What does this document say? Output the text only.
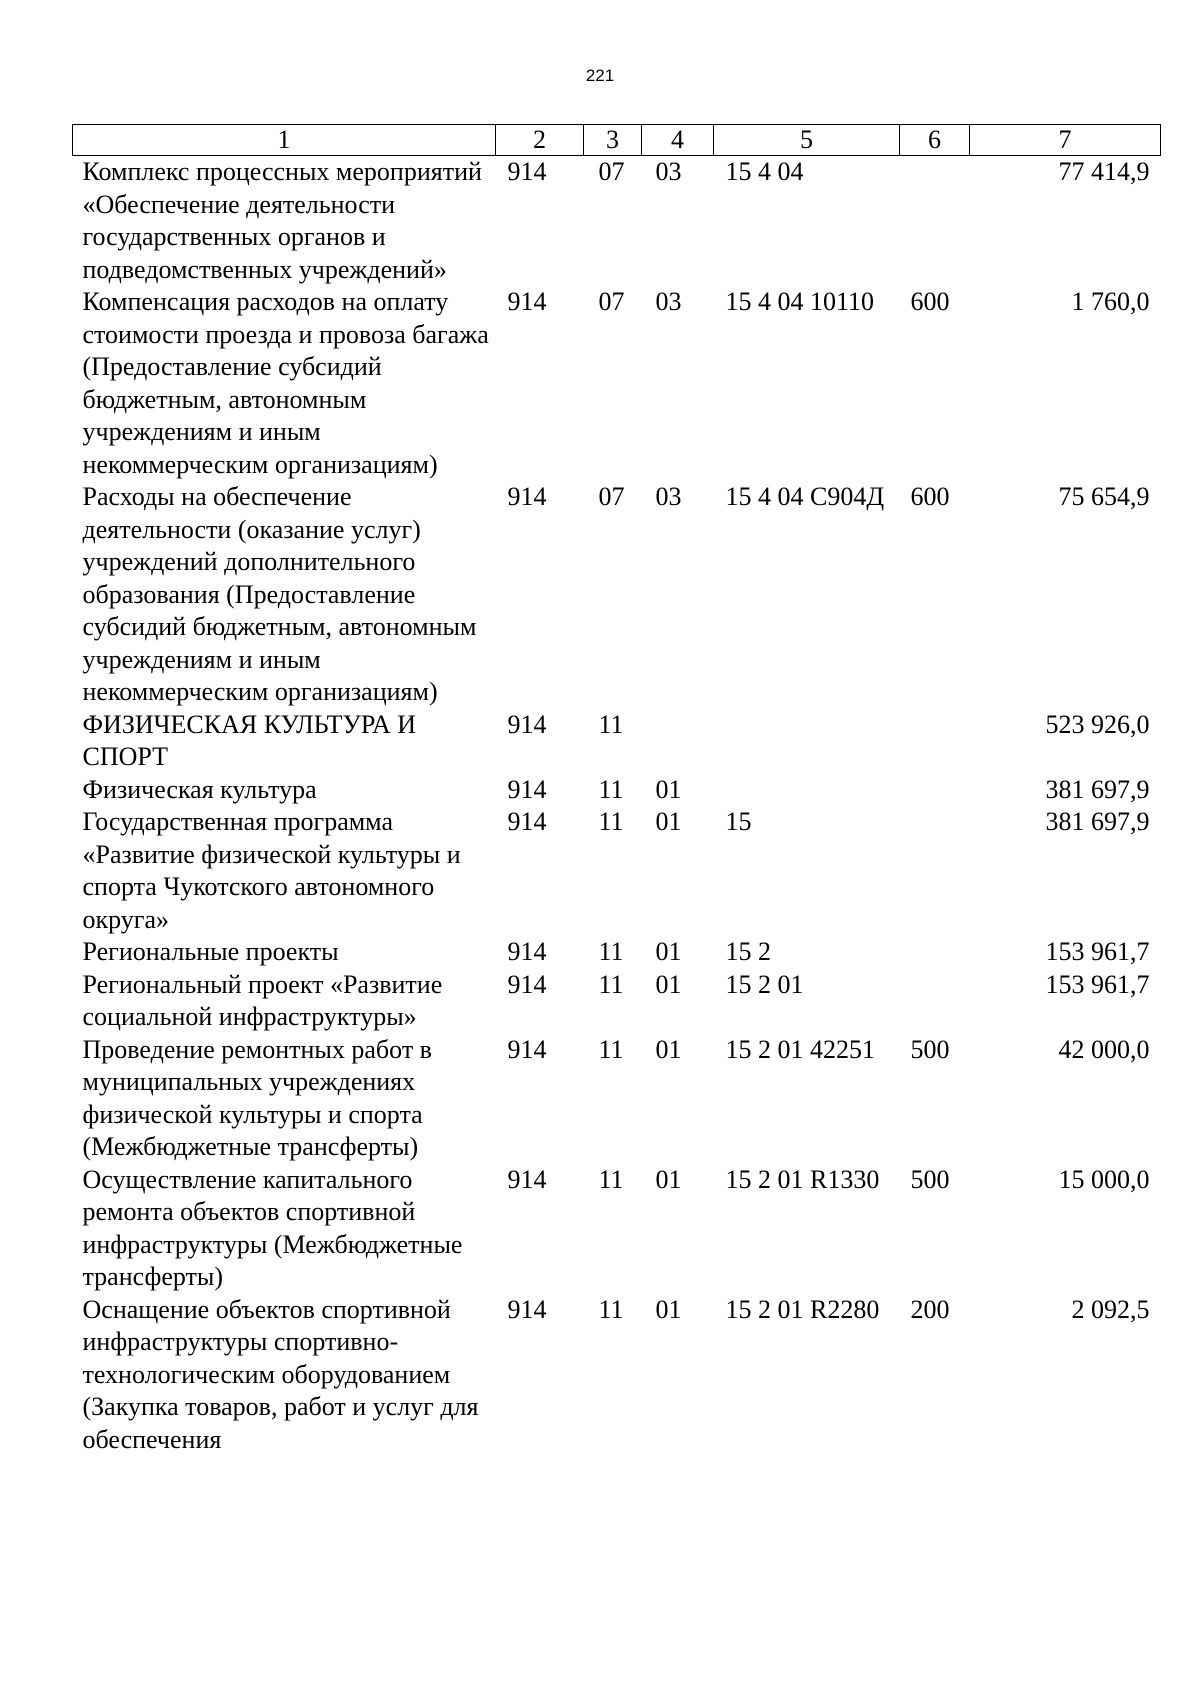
221
1	2	3	4	5	6	7
Комплекс процессных мероприятий «Обеспечение деятельности государственных органов и подведомственных учреждений»	914	07	03	15 4 04		77 414,9
Компенсация расходов на оплату стоимости проезда и провоза багажа (Предоставление субсидий бюджетным, автономным учреждениям и иным некоммерческим организациям)	914	07	03	15 4 04 10110	600	1 760,0
Расходы на обеспечение деятельности (оказание услуг) учреждений дополнительного образования (Предоставление субсидий бюджетным, автономным учреждениям и иным некоммерческим организациям)	914	07	03	15 4 04 С904Д	600	75 654,9
ФИЗИЧЕСКАЯ КУЛЬТУРА И СПОРТ	914	11				523 926,0
Физическая культура	914	11	01			381 697,9
Государственная программа «Развитие физической культуры и спорта Чукотского автономного округа»	914	11	01	15		381 697,9
Региональные проекты	914	11	01	15 2		153 961,7
Региональный проект «Развитие социальной инфраструктуры»	914	11	01	15 2 01		153 961,7
Проведение ремонтных работ в муниципальных учреждениях физической культуры и спорта (Межбюджетные трансферты)	914	11	01	15 2 01 42251	500	42 000,0
Осуществление капитального ремонта объектов спортивной инфраструктуры (Межбюджетные трансферты)	914	11	01	15 2 01 R1330	500	15 000,0
Оснащение объектов спортивной инфраструктуры спортивно-технологическим оборудованием (Закупка товаров, работ и услуг для обеспечения	914	11	01	15 2 01 R2280	200	2 092,5
